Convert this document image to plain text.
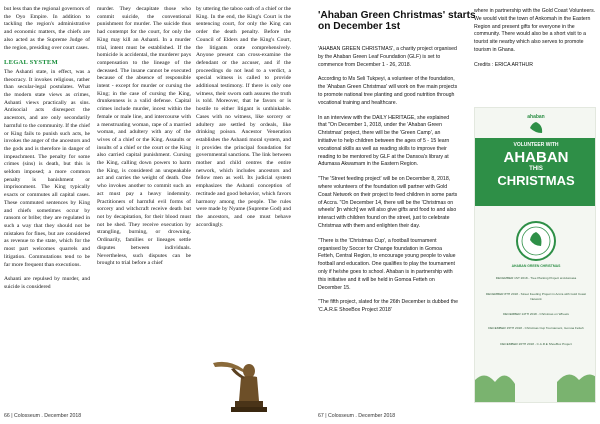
but less than the regional governors of the Oyo Empire. In addition to tackling the region's administrative and economic matters, the chiefs are also acted as the Supreme Judge of the region, presiding over court cases.

LEGAL SYSTEM

The Ashanti state, in effect, was a theocracy. It invokes religious, rather than secular-legal postulates. What the modern state views as crimes, Ashanti views practically as sins. Antisocial acts disrespect the ancestors, and are only secondarily harmful to the community. If the chief or King fails to punish such acts, he invokes the anger of the ancestors and the gods and is therefore in danger of impeachment. The penalty for some crimes (sins) is death, but this is seldom imposed; a more common penalty is banishment or imprisonment. The King typically exacts or commutes all capital cases. These commuted sentences by King and chiefs sometimes occur by ransom or bribe; they are regulated in such a way that they should not be mistaken for fines, but are considered as revenue to the state, which for the most part welcomes quarrels and litigation. Commutations tend to be far more frequent than executions.

Ashanti are repulsed by murder, and suicide is considered

murder. They decapitate those who commit suicide, the conventional punishment for murder. The suicide thus had contempt for the court, for only the King may kill an Ashanti. In a murder trial, intent must be established. If the homicide is accidental, the murderer pays compensation to the lineage of the deceased. The insane cannot be executed because of the absence of responsible intent - except for murder or cursing the King; in the case of cursing the King, drunkenness is a valid defense. Capital crimes include murder, incest within the female or male line, and intercourse with a menstruating woman, rape of a married woman, and adultery with any of the wives of a chief or the King. Assaults or insults of a chief or the court or the King also carried capital punishment. Cursing the King, calling down powers to harm the King, is considered an unspeakable act and carries the weight of death. One who invokes another to commit such an act must pay a heavy indemnity. Practitioners of harmful evil forms of sorcery and witchcraft receive death but not by decapitation, for their blood must not be shed. They receive execution by strangling, burning, or drowning. Ordinarily, families or lineages settle disputes between individuals. Nevertheless, such disputes can be brought to trial before a chief

by uttering the taboo oath of a chief or the King. In the end, the King's Court is the sentencing court, for only the King can order the death penalty. Before the Council of Elders and the King's Court, the litigants orate comprehensively. Anyone present can cross-examine the defendant or the accuser, and if the proceedings do not lead to a verdict, a special witness is called to provide additional testimony. If there is only one witness, their sworn oath assures the truth is told. Moreover, that he favors or is hostile to either litigant is unthinkable. Cases with no witness, like sorcery or adultery are settled by ordeals, like drinking poison. Ancestor Veneration establishes the Ashanti moral system, and it provides the principal foundation for governmental sanctions. The link between mother and child centres the entire network, which includes ancestors and fellow men as well. Its judicial system emphasizes the Ashanti conception of rectitude and good behavior, which favors harmony among the people. The rules were made by Nyame (Supreme God) and the ancestors, and one must behave accordingly.

66 | Colosseum . December 2018
'Ahaban Green Christmas' starts on December 1st

'AHABAN GREEN CHRISTMAS', a charity project organised by the Ahaban Green Leaf Foundation (GLF) is set to commence from December 1 - 26, 2018.

According to Ms Seli Tukpeyi, a volunteer of the foundation, the 'Ahaban Green Christmas' will work on five main projects to promote national tree planting and good nutrition through vocational training and healthcare.

In an interview with the DAILY HERITAGE, she explained that "On December 1, 2018, under the 'Ahaban Green Christmas' project, there will be the 'Green Camp', an initiative to help children between the ages of 5 - 15 learn vocational skills as well as reading skills to improve their reading to be mentored by GLF at the Dansoa's library at Adumasa Akwamam in the Eastern Region.

"The 'Street feeding project' will be on December 8, 2018, where volunteers of the foundation will partner with Gold Coast Network on their project to feed children in some parts of Accra. "On December 14, there will be the 'Christmas on wheels' [in which] we will also give gifts and food to and also interact with children found on the street, just to celebrate Christmas with them and enlighten their day.

"There is the 'Christmas Cup', a football tournament organised by Soccer for Change foundation in Gomoa Fetteh, Central Region, to encourage young people to value football and education. One qualifies to play the tournament only if he/she goes to school. Ahaban is in partnership with this initiative and it will be held in Gomoa Fetteh on December 15.

"The fifth project, slated for the 26th December is dubbed the 'C.A.R.E ShoeBox Project 2018'

where in partnership with the Gold Coast Volunteers. We would visit the town of Ankomah in the Eastern Region and present gifts for everyone in the community. There would also be a short visit to a tourist site nearby which also serves to promote tourism in Ghana.

Credits : ERICA ARTHUR

ahaban
VOLUNTEER WITH
AHABAN
THIS
CHRISTMAS
AHABAN GREEN CHRISTMAS
DECEMBER 1ST 2018 - Tree Planting Project at Adumasa
DECEMBER 8TH 2018 - Street Feeding Project in Accra with Gold Coast Network
DECEMBER 14TH 2018 - Christmas on Wheels
DECEMBER 15TH 2018 - Christmas Cup Tournament, Gomoa Fetteh
DECEMBER 26TH 2018 - C.A.R.E ShoeBox Project
67 | Colosseum . December 2018
